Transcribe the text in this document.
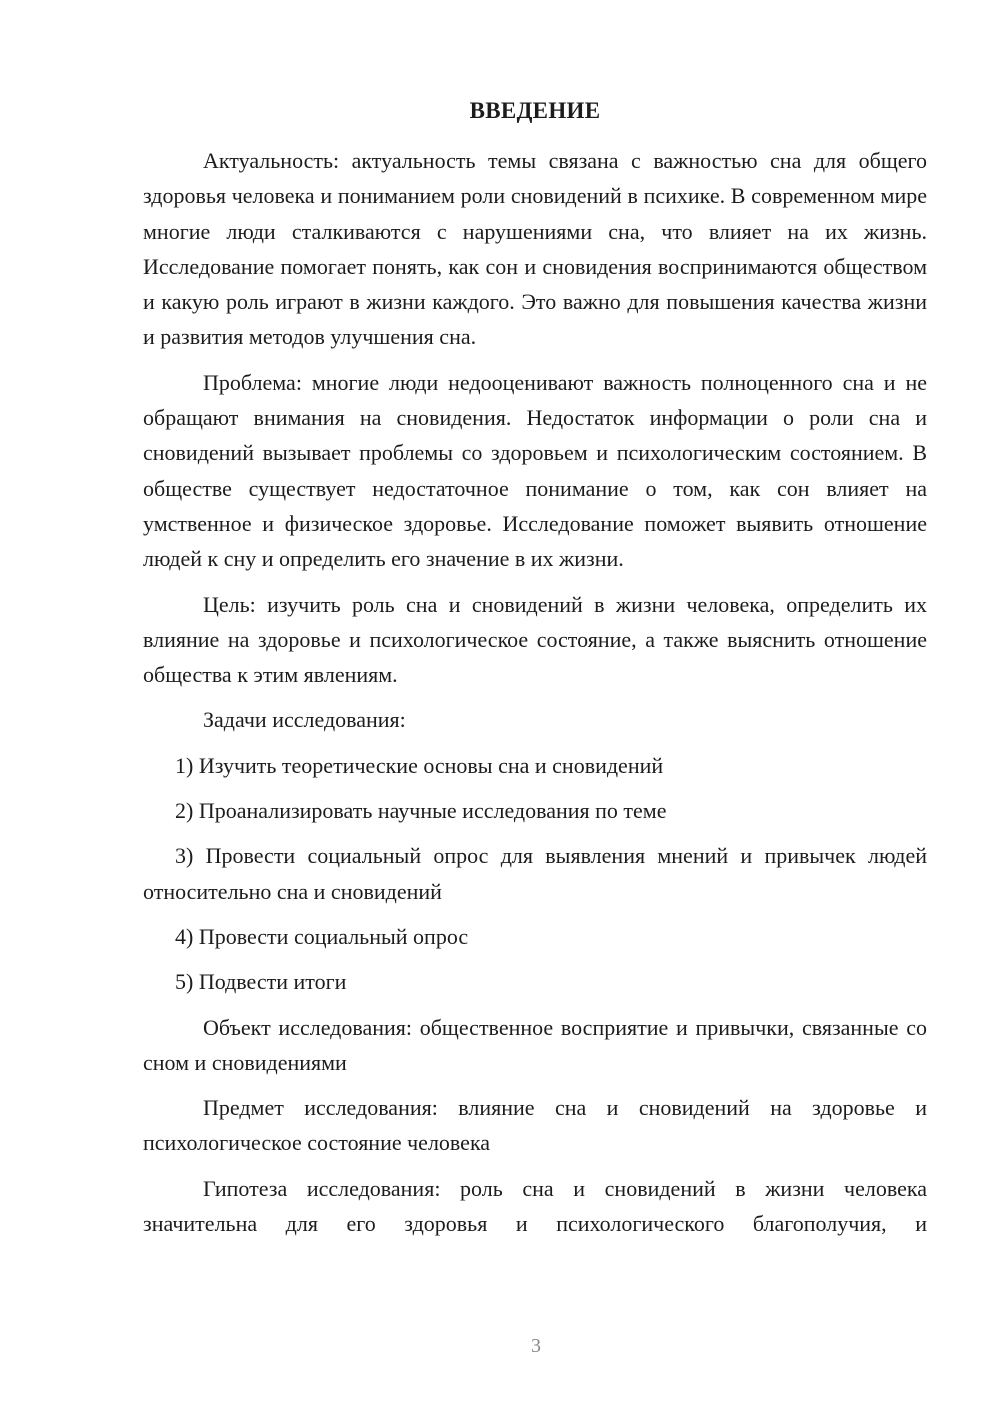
ВВЕДЕНИЕ

Актуальность: актуальность темы связана с важностью сна для общего здоровья человека и пониманием роли сновидений в психике. В современном мире многие люди сталкиваются с нарушениями сна, что влияет на их жизнь. Исследование помогает понять, как сон и сновидения воспринимаются обществом и какую роль играют в жизни каждого. Это важно для повышения качества жизни и развития методов улучшения сна.

Проблема: многие люди недооценивают важность полноценного сна и не обращают внимания на сновидения. Недостаток информации о роли сна и сновидений вызывает проблемы со здоровьем и психологическим состоянием. В обществе существует недостаточное понимание о том, как сон влияет на умственное и физическое здоровье. Исследование поможет выявить отношение людей к сну и определить его значение в их жизни.

Цель: изучить роль сна и сновидений в жизни человека, определить их влияние на здоровье и психологическое состояние, а также выяснить отношение общества к этим явлениям.

Задачи исследования:

1) Изучить теоретические основы сна и сновидений

2) Проанализировать научные исследования по теме

3) Провести социальный опрос для выявления мнений и привычек людей относительно сна и сновидений

4) Провести социальный опрос

5) Подвести итоги

Объект исследования: общественное восприятие и привычки, связанные со сном и сновидениями

Предмет исследования: влияние сна и сновидений на здоровье и психологическое состояние человека

Гипотеза исследования: роль сна и сновидений в жизни человека значительна для его здоровья и психологического благополучия, и

3
